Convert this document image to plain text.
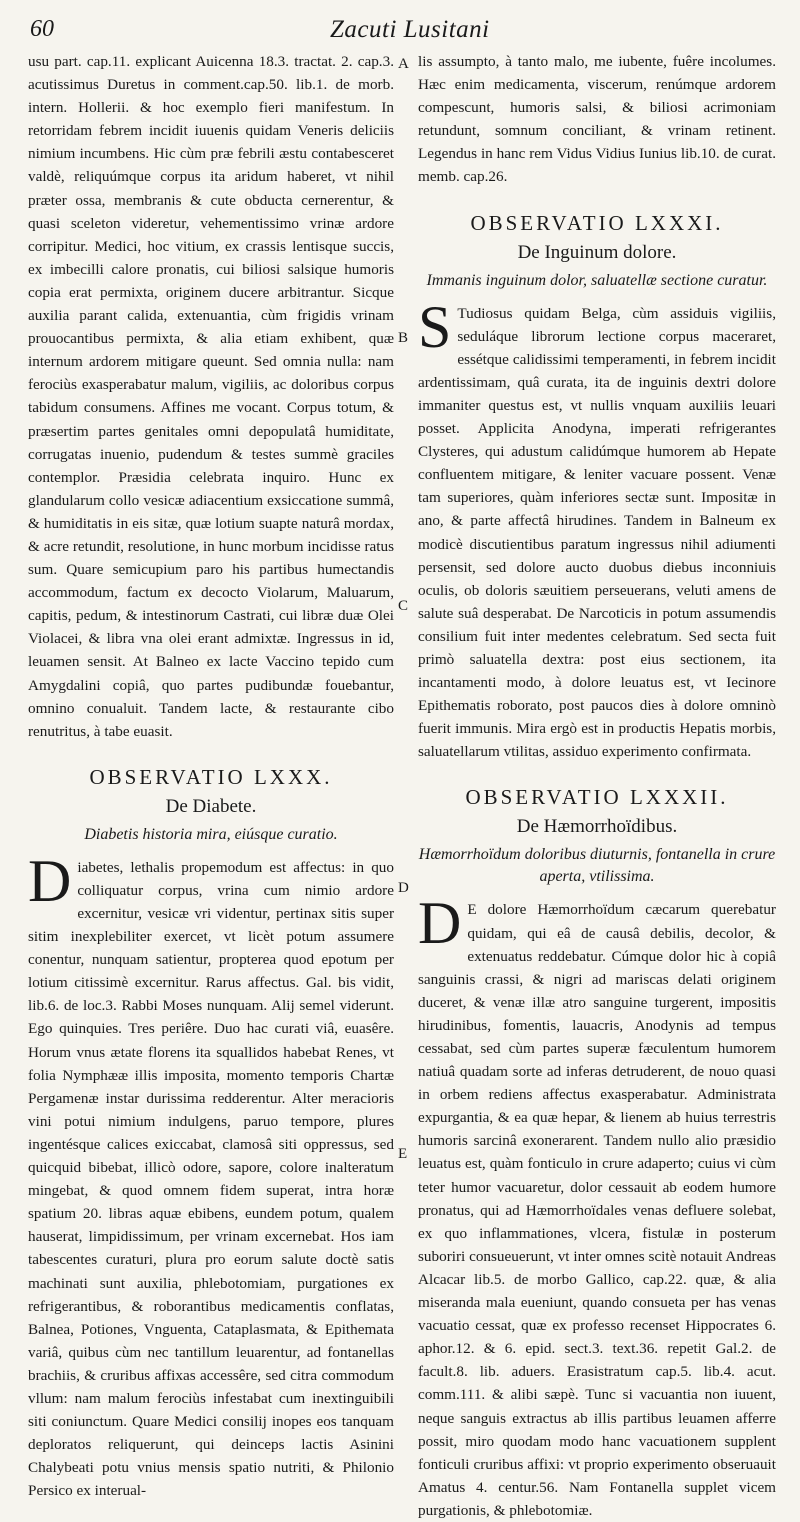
60	Zacuti Lusitani
A
B
C
D
E

usu part. cap.11. explicant Auicenna 18.3. tractat. 2. cap.3. acutissimus Duretus in comment.cap.50. lib.1. de morb. intern. Hollerii. & hoc exemplo fieri manifestum. In retorridam febrem incidit iuuenis quidam Veneris deliciis nimium incumbens. Hic cùm præ febrili æstu contabesceret valdè, reliquúmque corpus ita aridum haberet, vt nihil præter ossa, membranis & cute obducta cernerentur, & quasi sceleton videretur, vehementissimo vrinæ ardore corripitur. Medici, hoc vitium, ex crassis lentisque succis, ex imbecilli calore pronatis, cui biliosi salsique humoris copia erat permixta, originem ducere arbitrantur. Sicque auxilia parant calida, extenuantia, cùm frigidis vrinam prouocantibus permixta, & alia etiam exhibent, quæ internum ardorem mitigare queunt. Sed omnia nulla: nam ferociùs exasperabatur malum, vigiliis, ac doloribus corpus tabidum consumens. Affines me vocant. Corpus totum, & præsertim partes genitales omni depopulatâ humiditate, corrugatas inuenio, pudendum & testes summè graciles contemplor. Præsidia celebrata inquiro. Hunc ex glandularum collo vesicæ adiacentium exsiccatione summâ, & humiditatis in eis sitæ, quæ lotium suapte naturâ mordax, & acre retundit, resolutione, in hunc morbum incidisse ratus sum. Quare semicupium paro his partibus humectandis accommodum, factum ex decocto Violarum, Maluarum, capitis, pedum, & intestinorum Castrati, cui libræ duæ Olei Violacei, & libra vna olei erant admixtæ. Ingressus in id, leuamen sensit. At Balneo ex lacte Vaccino tepido cum Amygdalini copiâ, quo partes pudibundæ fouebantur, omnino conualuit. Tandem lacte, & restaurante cibo renutritus, à tabe euasit.

OBSERVATIO LXXX.
De Diabete.
Diabetis historia mira, eiúsque curatio.

Diabetes, lethalis propemodum est affectus: in quo colliquatur corpus, vrina cum nimio ardore excernitur, vesicæ vri videntur, pertinax sitis super sitim inexplebiliter exercet, vt licèt potum assumere conentur, nunquam satientur, propterea quod epotum per lotium citissimè excernitur. Rarus affectus. Gal. bis vidit, lib.6. de loc.3. Rabbi Moses nunquam. Alij semel viderunt. Ego quinquies. Tres periêre. Duo hac curati viâ, euasêre. Horum vnus ætate florens ita squallidos habebat Renes, vt folia Nymphææ illis imposita, momento temporis Chartæ Pergamenæ instar durissima redderentur. Alter meracioris vini potui nimium indulgens, paruo tempore, plures ingentésque calices exiccabat, clamosâ siti oppressus, sed quicquid bibebat, illicò odore, sapore, colore inalteratum mingebat, & quod omnem fidem superat, intra horæ spatium 20. libras aquæ ebibens, eundem potum, qualem hauserat, limpidissimum, per vrinam excernebat. Hos iam tabescentes curaturi, plura pro eorum salute doctè satis machinati sunt auxilia, phlebotomiam, purgationes ex refrigerantibus, & roborantibus medicamentis conflatas, Balnea, Potiones, Vnguenta, Cataplasmata, & Epithemata variâ, quibus cùm nec tantillum leuarentur, ad fontanellas brachiis, & cruribus affixas accessêre, sed citra commodum vllum: nam malum ferociùs infestabat cum inextinguibili siti coniunctum. Quare Medici consilij inopes eos tanquam deploratos reliquerunt, qui deinceps lactis Asinini Chalybeati potu vnius mensis spatio nutriti, & Philonio Persico ex interual-

lis assumpto, à tanto malo, me iubente, fuêre incolumes. Hæc enim medicamenta, viscerum, renúmque ardorem compescunt, humoris salsi, & biliosi acrimoniam retundunt, somnum conciliant, & vrinam retinent. Legendus in hanc rem Vidus Vidius Iunius lib.10. de curat. memb. cap.26.

OBSERVATIO LXXXI.
De Inguinum dolore.
Immanis inguinum dolor, saluatellæ sectione curatur.

S Tudiosus quidam Belga, cùm assiduis vigiliis, seduláque librorum lectione corpus maceraret, essétque calidissimi temperamenti, in febrem incidit ardentissimam, quâ curata, ita de inguinis dextri dolore immaniter questus est, vt nullis vnquam auxiliis leuari posset. Applicita Anodyna, imperati refrigerantes Clysteres, qui adustum calidúmque humorem ab Hepate confluentem mitigare, & leniter vacuare possent. Venæ tam superiores, quàm inferiores sectæ sunt. Impositæ in ano, & parte affectâ hirudines. Tandem in Balneum ex modicè discutientibus paratum ingressus nihil adiumenti persensit, sed dolore aucto duobus diebus inconniuis oculis, ob doloris sæuitiem perseuerans, veluti amens de salute suâ desperabat. De Narcoticis in potum assumendis consilium fuit inter medentes celebratum. Sed secta fuit primò saluatella dextra: post eius sectionem, ita incantamenti modo, à dolore leuatus est, vt Iecinore Epithematis roborato, post paucos dies à dolore omninò fuerit immunis. Mira ergò est in productis Hepatis morbis, saluatellarum vtilitas, assiduo experimento confirmata.

OBSERVATIO LXXXII.
De Hæmorrhoïdibus.
Hæmorrhoïdum doloribus diuturnis, fontanella in crure aperta, vtilissima.

D E dolore Hæmorrhoïdum cæcarum querebatur quidam, qui eâ de causâ debilis, decolor, & extenuatus reddebatur. Cúmque dolor hic à copiâ sanguinis crassi, & nigri ad mariscas delati originem duceret, & venæ illæ atro sanguine turgerent, impositis hirudinibus, fomentis, lauacris, Anodynis ad tempus cessabat, sed cùm partes superæ fæculentum humorem natiuâ quadam sorte ad inferas detruderent, de nouo quasi in orbem rediens affectus exasperabatur. Administrata expurgantia, & ea quæ hepar, & lienem ab huius terrestris humoris sarcinâ exonerarent. Tandem nullo alio præsidio leuatus est, quàm fonticulo in crure adaperto; cuius vi cùm teter humor vacuaretur, dolor cessauit ab eodem humore pronatus, qui ad Hæmorrhoïdales venas defluere solebat, ex quo inflammationes, vlcera, fistulæ in posterum suboriri consueuerunt, vt inter omnes scitè notauit Andreas Alcacar lib.5. de morbo Gallico, cap.22. quæ, & alia miseranda mala eueniunt, quando consueta per has venas vacuatio cessat, quæ ex professo recenset Hippocrates 6. aphor.12. & 6. epid. sect.3. text.36. repetit Gal.2. de facult.8. lib. aduers. Erasistratum cap.5. lib.4. acut. comm.111. & alibi sæpè. Tunc si vacuantia non iuuent, neque sanguis extractus ab illis partibus leuamen afferre possit, miro quodam modo hanc vacuationem supplent fonticuli cruribus affixi: vt proprio experimento obseruauit Amatus 4. centur.56. Nam Fontanella supplet vicem purgationis, & phlebotomiæ.
